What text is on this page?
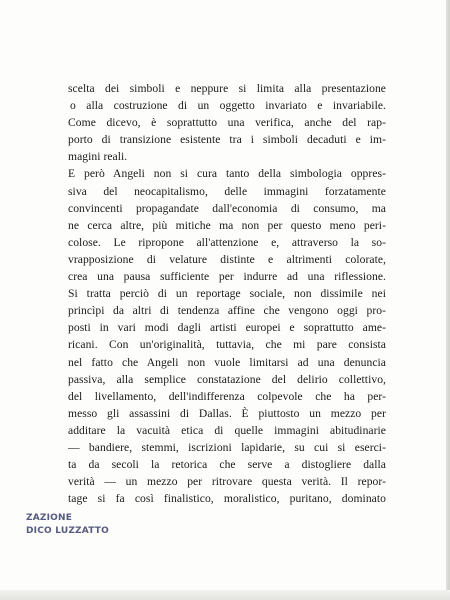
scelta dei simboli e neppure si limita alla presentazione
o alla costruzione di un oggetto invariato e invariabile.
Come dicevo, è soprattutto una verifica, anche del rap-
porto di transizione esistente tra i simboli decaduti e im-
magini reali.
E però Angeli non si cura tanto della simbologia oppres-
siva del neocapitalismo, delle immagini forzatamente
convincenti propagandate dall'economia di consumo, ma
ne cerca altre, più mitiche ma non per questo meno peri-
colose. Le ripropone all'attenzione e, attraverso la so-
vrapposizione di velature distinte e altrimenti colorate,
crea una pausa sufficiente per indurre ad una riflessione.
Si tratta perciò di un reportage sociale, non dissimile nei
princìpi da altri di tendenza affine che vengono oggi pro-
posti in vari modi dagli artisti europei e soprattutto ame-
ricani. Con un'originalità, tuttavia, che mi pare consista
nel fatto che Angeli non vuole limitarsi ad una denuncia
passiva, alla semplice constatazione del delirio collettivo,
del livellamento, dell'indifferenza colpevole che ha per-
messo gli assassini di Dallas. È piuttosto un mezzo per
additare la vacuità etica di quelle immagini abitudinarie
— bandiere, stemmi, iscrizioni lapidarie, su cui si eserci-
ta da secoli la retorica che serve a distogliere dalla
verità — un mezzo per ritrovare questa verità. Il repor-
tage si fa così finalistico, moralistico, puritano, dominato
ZAZIONE
DICO LUZZATTO
